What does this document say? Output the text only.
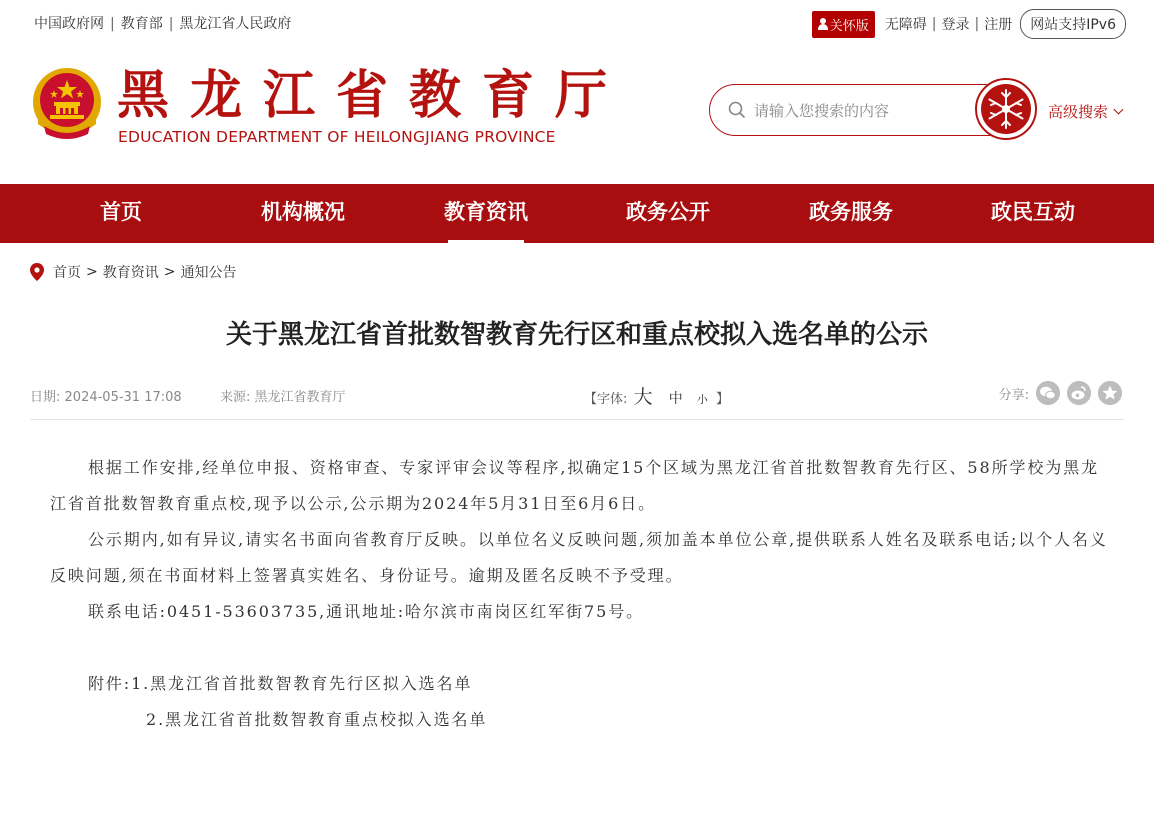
中国政府网 | 教育部 | 黑龙江省人民政府	关怀版 无障碍 | 登录 | 注册	网站支持IPv6
黑龙江省教育厅
EDUCATION DEPARTMENT OF HEILONGJIANG PROVINCE
请输入您搜索的内容
高级搜索
首页	机构概况	教育资讯	政务公开	政务服务	政民互动
首页 > 教育资讯 > 通知公告
关于黑龙江省首批数智教育先行区和重点校拟入选名单的公示
日期: 2024-05-31 17:08	来源: 黑龙江省教育厅	【字体: 大 中 小 】	分享:

根据工作安排,经单位申报、资格审查、专家评审会议等程序,拟确定15个区域为黑龙江省首批数智教育先行区、58所学校为黑龙江省首批数智教育重点校,现予以公示,公示期为2024年5月31日至6月6日。

公示期内,如有异议,请实名书面向省教育厅反映。以单位名义反映问题,须加盖本单位公章,提供联系人姓名及联系电话;以个人名义反映问题,须在书面材料上签署真实姓名、身份证号。逾期及匿名反映不予受理。

联系电话:0451-53603735,通讯地址:哈尔滨市南岗区红军街75号。

附件:1.黑龙江省首批数智教育先行区拟入选名单

2.黑龙江省首批数智教育重点校拟入选名单
